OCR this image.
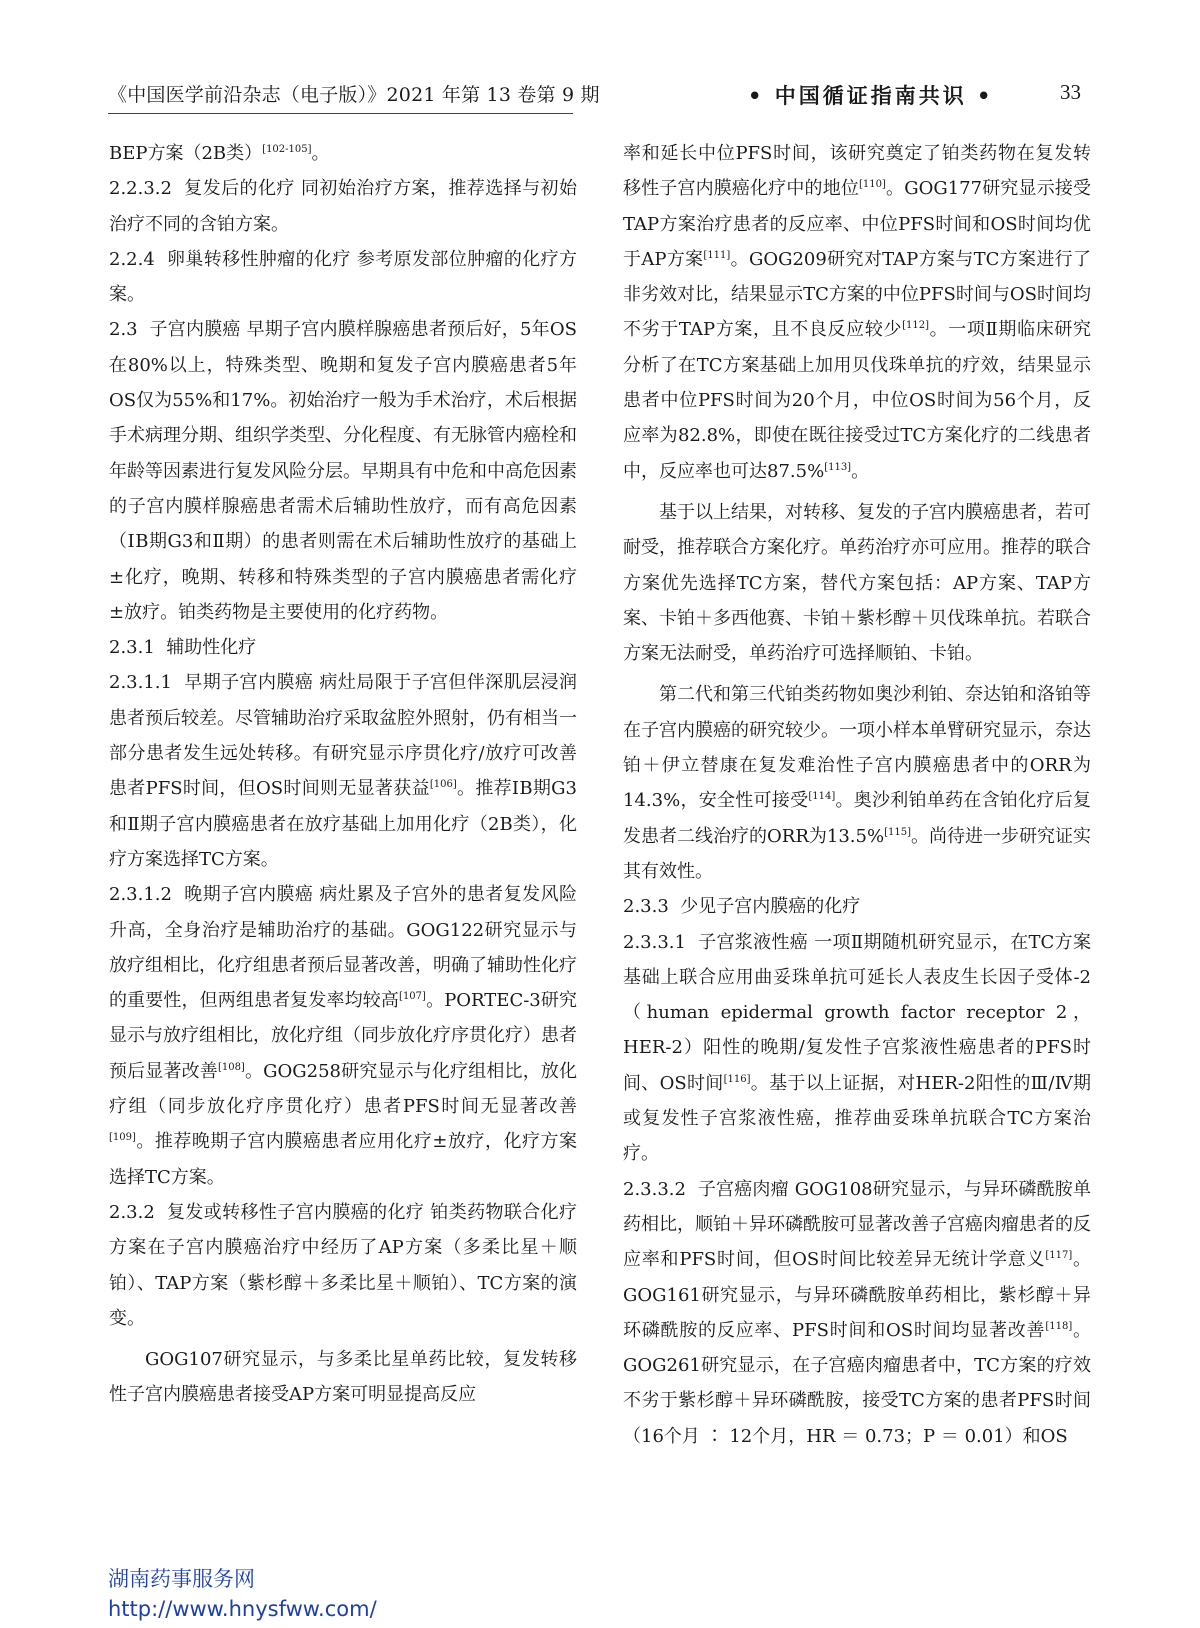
《中国医学前沿杂志（电子版）》2021 年第 13 卷第 9 期	• 中国循证指南共识 •	33
BEP方案（2B类）[102-105]。
2.2.3.2  复发后的化疗 同初始治疗方案，推荐选择与初始治疗不同的含铂方案。
2.2.4  卵巢转移性肿瘤的化疗 参考原发部位肿瘤的化疗方案。
2.3  子宫内膜癌 早期子宫内膜样腺癌患者预后好，5年OS在80%以上，特殊类型、晚期和复发子宫内膜癌患者5年OS仅为55%和17%。初始治疗一般为手术治疗，术后根据手术病理分期、组织学类型、分化程度、有无脉管内癌栓和年龄等因素进行复发风险分层。早期具有中危和中高危因素的子宫内膜样腺癌患者需术后辅助性放疗，而有高危因素（ⅠB期G3和Ⅱ期）的患者则需在术后辅助性放疗的基础上±化疗，晚期、转移和特殊类型的子宫内膜癌患者需化疗±放疗。铂类药物是主要使用的化疗药物。
2.3.1  辅助性化疗
2.3.1.1  早期子宫内膜癌 病灶局限于子宫但伴深肌层浸润患者预后较差。尽管辅助治疗采取盆腔外照射，仍有相当一部分患者发生远处转移。有研究显示序贯化疗/放疗可改善患者PFS时间，但OS时间则无显著获益[106]。推荐ⅠB期G3和Ⅱ期子宫内膜癌患者在放疗基础上加用化疗（2B类），化疗方案选择TC方案。
2.3.1.2  晚期子宫内膜癌 病灶累及子宫外的患者复发风险升高，全身治疗是辅助治疗的基础。GOG122研究显示与放疗组相比，化疗组患者预后显著改善，明确了辅助性化疗的重要性，但两组患者复发率均较高[107]。PORTEC-3研究显示与放疗组相比，放化疗组（同步放化疗序贯化疗）患者预后显著改善[108]。GOG258研究显示与化疗组相比，放化疗组（同步放化疗序贯化疗）患者PFS时间无显著改善[109]。推荐晚期子宫内膜癌患者应用化疗±放疗，化疗方案选择TC方案。
2.3.2  复发或转移性子宫内膜癌的化疗 铂类药物联合化疗方案在子宫内膜癌治疗中经历了AP方案（多柔比星＋顺铂）、TAP方案（紫杉醇＋多柔比星＋顺铂）、TC方案的演变。
GOG107研究显示，与多柔比星单药比较，复发转移性子宫内膜癌患者接受AP方案可明显提高反应
率和延长中位PFS时间，该研究奠定了铂类药物在复发转移性子宫内膜癌化疗中的地位[110]。GOG177研究显示接受TAP方案治疗患者的反应率、中位PFS时间和OS时间均优于AP方案[111]。GOG209研究对TAP方案与TC方案进行了非劣效对比，结果显示TC方案的中位PFS时间与OS时间均不劣于TAP方案，且不良反应较少[112]。一项Ⅱ期临床研究分析了在TC方案基础上加用贝伐珠单抗的疗效，结果显示患者中位PFS时间为20个月，中位OS时间为56个月，反应率为82.8%，即使在既往接受过TC方案化疗的二线患者中，反应率也可达87.5%[113]。
基于以上结果，对转移、复发的子宫内膜癌患者，若可耐受，推荐联合方案化疗。单药治疗亦可应用。推荐的联合方案优先选择TC方案，替代方案包括：AP方案、TAP方案、卡铂＋多西他赛、卡铂＋紫杉醇＋贝伐珠单抗。若联合方案无法耐受，单药治疗可选择顺铂、卡铂。
第二代和第三代铂类药物如奥沙利铂、奈达铂和洛铂等在子宫内膜癌的研究较少。一项小样本单臂研究显示，奈达铂＋伊立替康在复发难治性子宫内膜癌患者中的ORR为14.3%，安全性可接受[114]。奥沙利铂单药在含铂化疗后复发患者二线治疗的ORR为13.5%[115]。尚待进一步研究证实其有效性。
2.3.3  少见子宫内膜癌的化疗
2.3.3.1  子宫浆液性癌 一项Ⅱ期随机研究显示，在TC方案基础上联合应用曲妥珠单抗可延长人表皮生长因子受体-2（human epidermal growth factor receptor 2，HER-2）阳性的晚期/复发性子宫浆液性癌患者的PFS时间、OS时间[116]。基于以上证据，对HER-2阳性的Ⅲ/Ⅳ期或复发性子宫浆液性癌，推荐曲妥珠单抗联合TC方案治疗。
2.3.3.2  子宫癌肉瘤 GOG108研究显示，与异环磷酰胺单药相比，顺铂＋异环磷酰胺可显著改善子宫癌肉瘤患者的反应率和PFS时间，但OS时间比较差异无统计学意义[117]。GOG161研究显示，与异环磷酰胺单药相比，紫杉醇＋异环磷酰胺的反应率、PFS时间和OS时间均显著改善[118]。GOG261研究显示，在子宫癌肉瘤患者中，TC方案的疗效不劣于紫杉醇＋异环磷酰胺，接受TC方案的患者PFS时间（16个月 ∶ 12个月，HR ＝ 0.73；P ＝ 0.01）和OS
湖南药事服务网
http://www.hnysfww.com/
